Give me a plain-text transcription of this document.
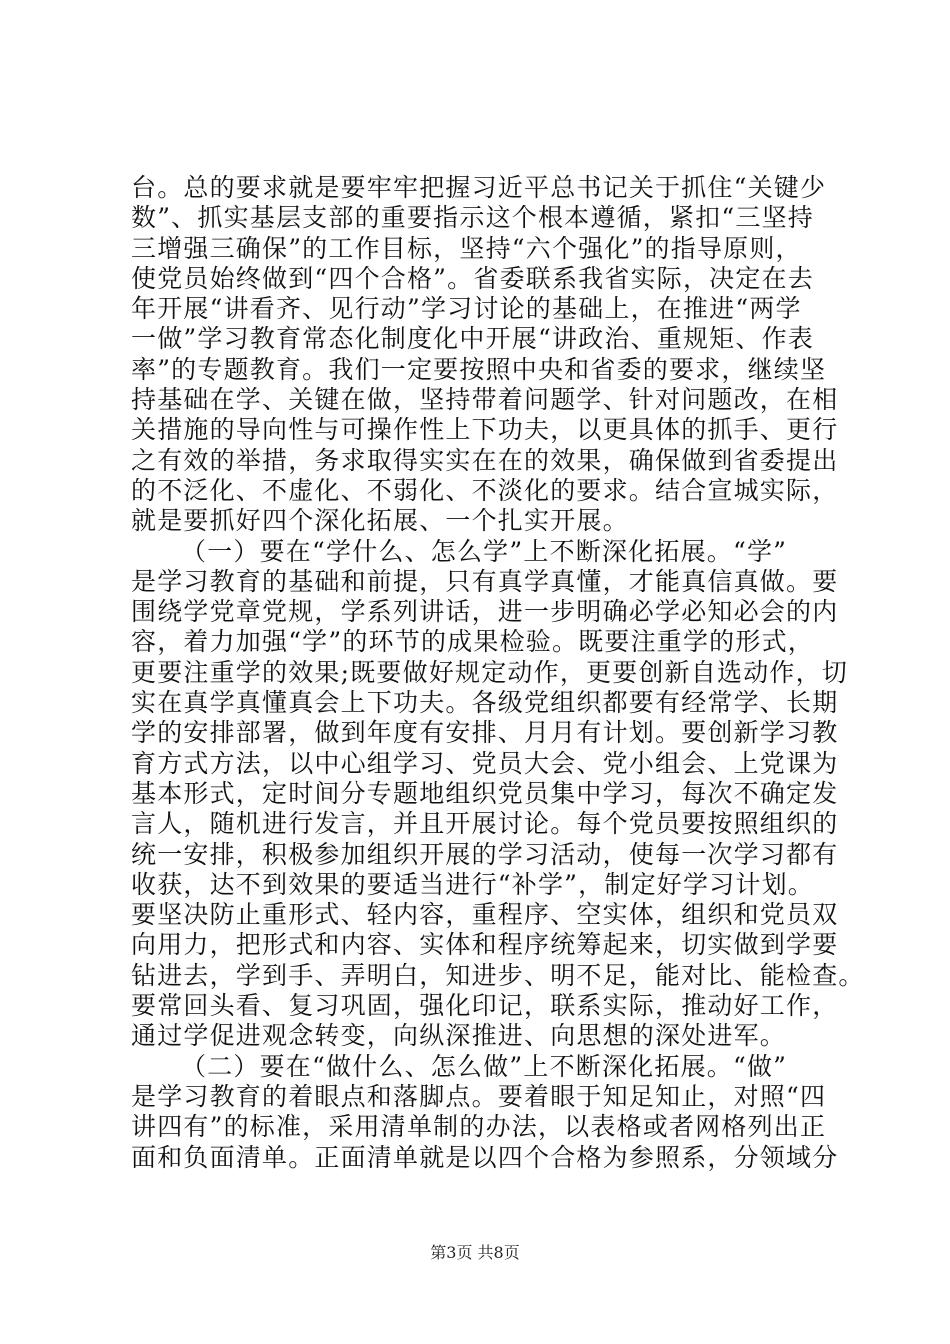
台。总的要求就是要牢牢把握习近平总书记关于抓住“关键少
数”、抓实基层支部的重要指示这个根本遵循，紧扣“三坚持
三增强三确保”的工作目标，坚持“六个强化”的指导原则，
使党员始终做到“四个合格”。省委联系我省实际，决定在去
年开展“讲看齐、见行动”学习讨论的基础上，在推进“两学
一做”学习教育常态化制度化中开展“讲政治、重规矩、作表
率”的专题教育。我们一定要按照中央和省委的要求，继续坚
持基础在学、关键在做，坚持带着问题学、针对问题改，在相
关措施的导向性与可操作性上下功夫，以更具体的抓手、更行
之有效的举措，务求取得实实在在的效果，确保做到省委提出
的不泛化、不虚化、不弱化、不淡化的要求。结合宣城实际，
就是要抓好四个深化拓展、一个扎实开展。
（一）要在“学什么、怎么学”上不断深化拓展。“学”
是学习教育的基础和前提，只有真学真懂，才能真信真做。要
围绕学党章党规，学系列讲话，进一步明确必学必知必会的内
容，着力加强“学”的环节的成果检验。既要注重学的形式，
更要注重学的效果;既要做好规定动作，更要创新自选动作，切
实在真学真懂真会上下功夫。各级党组织都要有经常学、长期
学的安排部署，做到年度有安排、月月有计划。要创新学习教
育方式方法，以中心组学习、党员大会、党小组会、上党课为
基本形式，定时间分专题地组织党员集中学习，每次不确定发
言人，随机进行发言，并且开展讨论。每个党员要按照组织的
统一安排，积极参加组织开展的学习活动，使每一次学习都有
收获，达不到效果的要适当进行“补学”，制定好学习计划。
要坚决防止重形式、轻内容，重程序、空实体，组织和党员双
向用力，把形式和内容、实体和程序统筹起来，切实做到学要
钻进去，学到手、弄明白，知进步、明不足，能对比、能检查。
要常回头看、复习巩固，强化印记，联系实际，推动好工作，
通过学促进观念转变，向纵深推进、向思想的深处进军。
（二）要在“做什么、怎么做”上不断深化拓展。“做”
是学习教育的着眼点和落脚点。要着眼于知足知止，对照“四
讲四有”的标准，采用清单制的办法，以表格或者网格列出正
面和负面清单。正面清单就是以四个合格为参照系，分领域分
第3页 共8页
